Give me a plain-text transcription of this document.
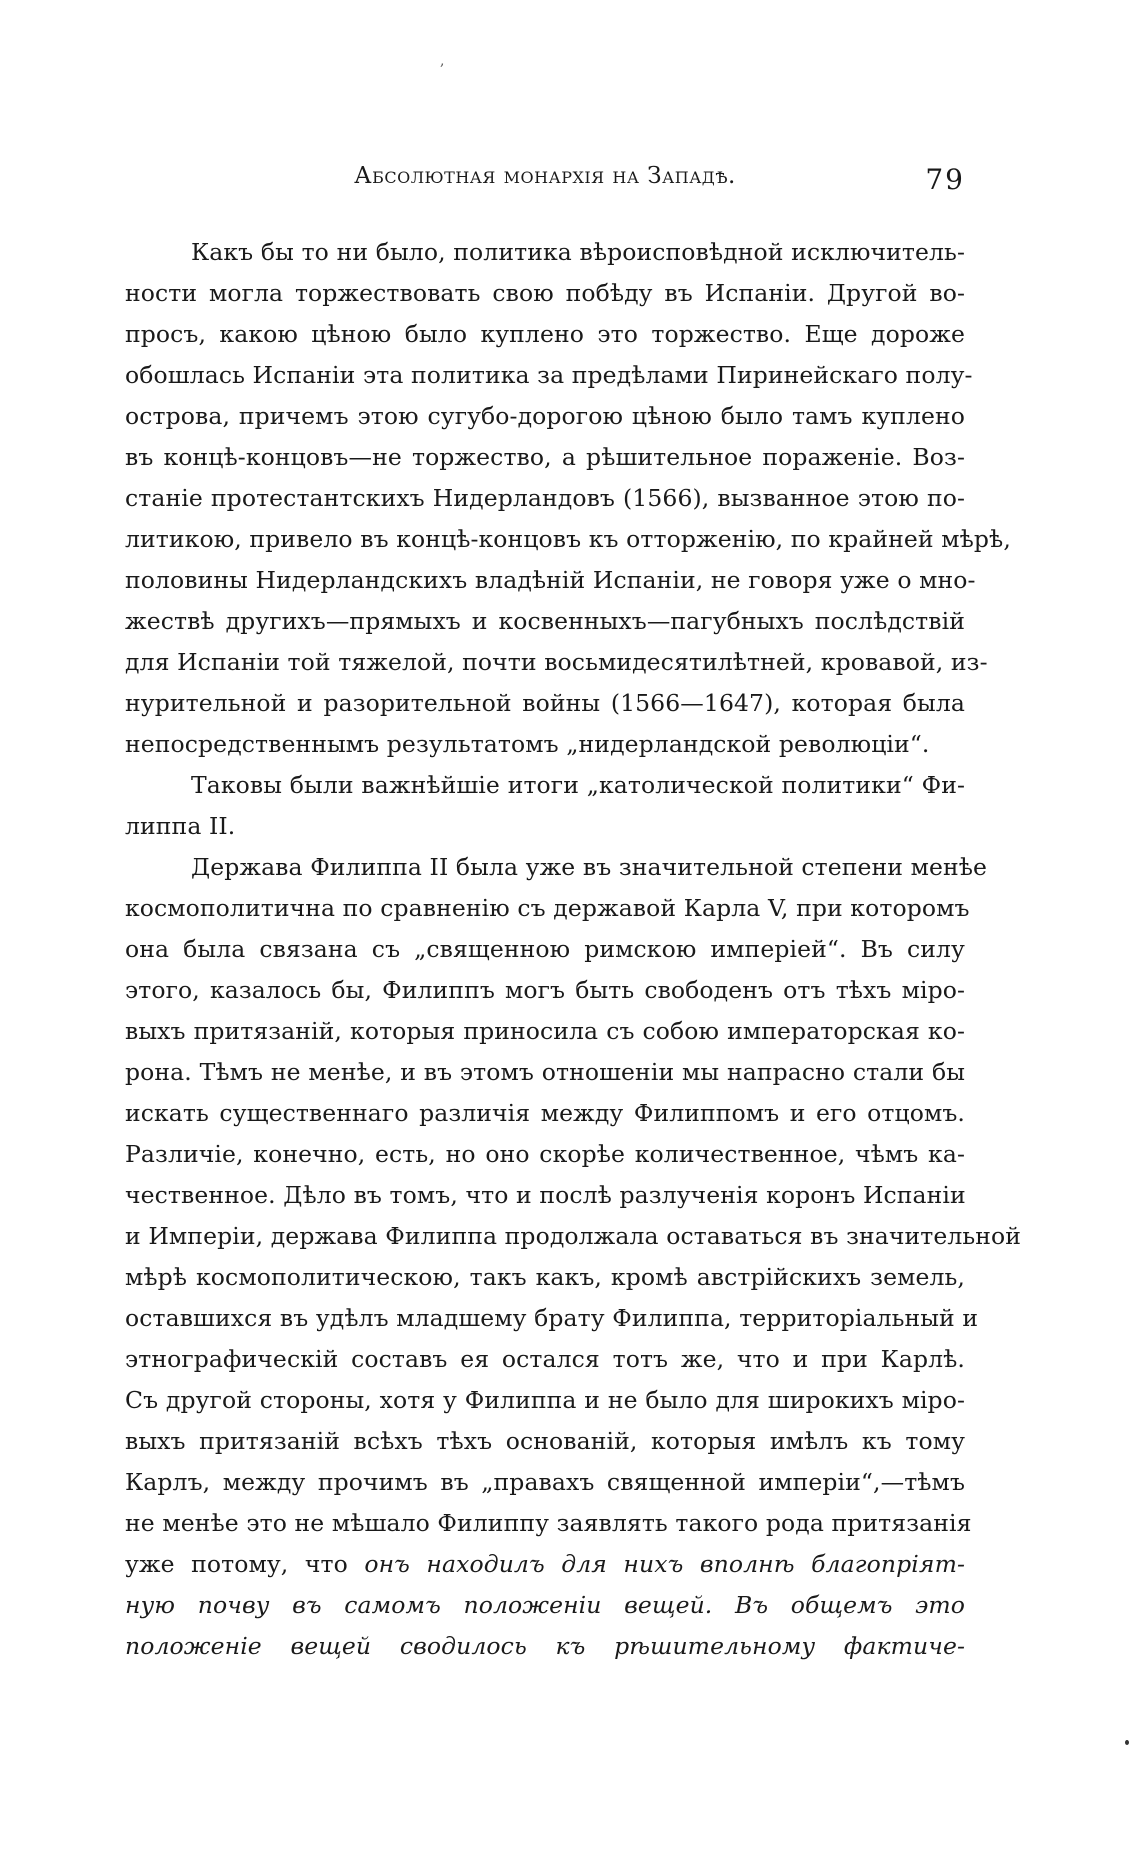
,
Абсолютная монархія на Западѣ.	79
Какъ бы то ни было, политика вѣроисповѣдной исключитель-
ности могла торжествовать свою побѣду въ Испаніи. Другой во-
просъ, какою цѣною было куплено это торжество. Еще дороже
обошлась Испаніи эта политика за предѣлами Пиринейскаго полу-
острова, причемъ этою сугубо-дорогою цѣною было тамъ куплено
въ концѣ-концовъ—не торжество, а рѣшительное пораженіе. Воз-
станіе протестантскихъ Нидерландовъ (1566), вызванное этою по-
литикою, привело въ концѣ-концовъ къ отторженію, по крайней мѣрѣ,
половины Нидерландскихъ владѣній Испаніи, не говоря уже о мно-
жествѣ другихъ—прямыхъ и косвенныхъ—пагубныхъ послѣдствій
для Испаніи той тяжелой, почти восьмидесятилѣтней, кровавой, из-
нурительной и разорительной войны (1566—1647), которая была
непосредственнымъ результатомъ „нидерландской революціи“.
Таковы были важнѣйшіе итоги „католической политики“ Фи-
липпа II.
Держава Филиппа II была уже въ значительной степени менѣе
космополитична по сравненію съ державой Карла V, при которомъ
она была связана съ „священною римскою имперіей“. Въ силу
этого, казалось бы, Филиппъ могъ быть свободенъ отъ тѣхъ міро-
выхъ притязаній, которыя приносила съ собою императорская ко-
рона. Тѣмъ не менѣе, и въ этомъ отношеніи мы напрасно стали бы
искать существеннаго различія между Филиппомъ и его отцомъ.
Различіе, конечно, есть, но оно скорѣе количественное, чѣмъ ка-
чественное. Дѣло въ томъ, что и послѣ разлученія коронъ Испаніи
и Имперіи, держава Филиппа продолжала оставаться въ значительной
мѣрѣ космополитическою, такъ какъ, кромѣ австрійскихъ земель,
оставшихся въ удѣлъ младшему брату Филиппа, территоріальный и
этнографическій составъ ея остался тотъ же, что и при Карлѣ.
Съ другой стороны, хотя у Филиппа и не было для широкихъ міро-
выхъ притязаній всѣхъ тѣхъ основаній, которыя имѣлъ къ тому
Карлъ, между прочимъ въ „правахъ священной имперіи“,—тѣмъ
не менѣе это не мѣшало Филиппу заявлять такого рода притязанія
уже потому, что онъ находилъ для нихъ вполнѣ благопріят-
ную почву въ самомъ положеніи вещей. Въ общемъ это
положеніе вещей сводилось къ рѣшительному фактиче-
